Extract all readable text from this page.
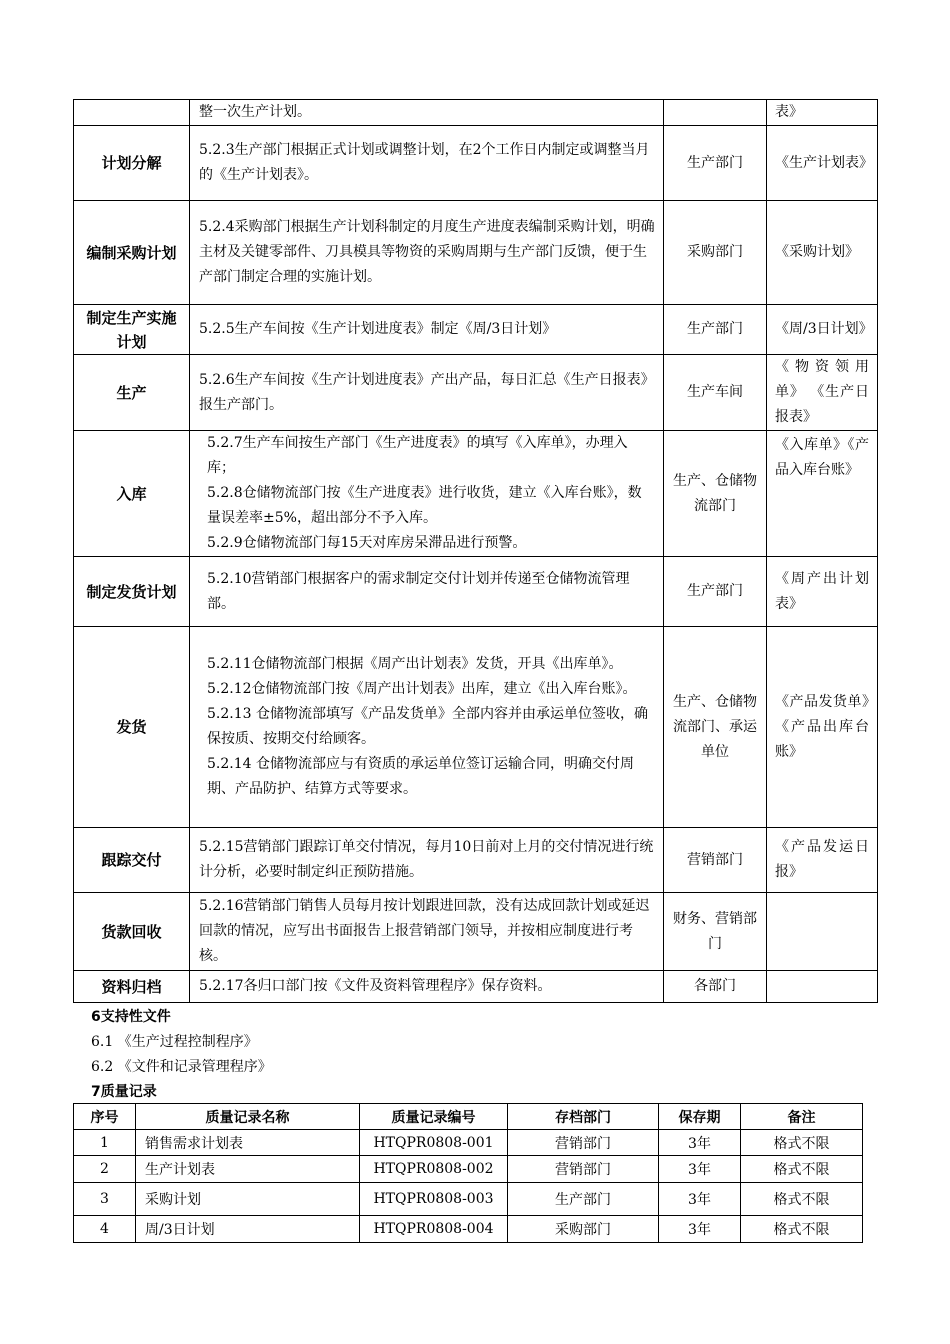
	整一次生产计划。		表》
计划分解	5.2.3生产部门根据正式计划或调整计划，在2个工作日内制定或调整当月的《生产计划表》。	生产部门	《生产计划表》
编制采购计划	5.2.4采购部门根据生产计划科制定的月度生产进度表编制采购计划，明确主材及关键零部件、刀具模具等物资的采购周期与生产部门反馈，便于生产部门制定合理的实施计划。	采购部门	《采购计划》
制定生产实施计划	5.2.5生产车间按《生产计划进度表》制定《周/3日计划》	生产部门	《周/3日计划》
生产	5.2.6生产车间按《生产计划进度表》产出产品，每日汇总《生产日报表》报生产部门。	生产车间	《物资领用单》 《生产日报表》
入库	5.2.7生产车间按生产部门《生产进度表》的填写《入库单》，办理入库；
5.2.8仓储物流部门按《生产进度表》进行收货，建立《入库台账》，数量误差率±5%，超出部分不予入库。
5.2.9仓储物流部门每15天对库房呆滞品进行预警。	生产、仓储物流部门	《入库单》《产品入库台账》
制定发货计划	5.2.10营销部门根据客户的需求制定交付计划并传递至仓储物流管理部。	生产部门	《周产出计划表》
发货	5.2.11仓储物流部门根据《周产出计划表》发货，开具《出库单》。
5.2.12仓储物流部门按《周产出计划表》出库，建立《出入库台账》。
5.2.13 仓储物流部填写《产品发货单》全部内容并由承运单位签收，确保按质、按期交付给顾客。
5.2.14 仓储物流部应与有资质的承运单位签订运输合同，明确交付周期、产品防护、结算方式等要求。	生产、仓储物流部门、承运单位	《产品发货单》《产品出库台账》
跟踪交付	5.2.15营销部门跟踪订单交付情况，每月10日前对上月的交付情况进行统计分析，必要时制定纠正预防措施。	营销部门	《产品发运日报》
货款回收	5.2.16营销部门销售人员每月按计划跟进回款，没有达成回款计划或延迟回款的情况，应写出书面报告上报营销部门领导，并按相应制度进行考核。	财务、营销部门	
资料归档	5.2.17各归口部门按《文件及资料管理程序》保存资料。	各部门	
6支持性文件
6.1 《生产过程控制程序》
6.2 《文件和记录管理程序》
7质量记录
序号	质量记录名称	质量记录编号	存档部门	保存期	备注
1	销售需求计划表	HTQPR0808-001	营销部门	3年	格式不限
2	生产计划表	HTQPR0808-002	营销部门	3年	格式不限
3	采购计划	HTQPR0808-003	生产部门	3年	格式不限
4	周/3日计划	HTQPR0808-004	采购部门	3年	格式不限
